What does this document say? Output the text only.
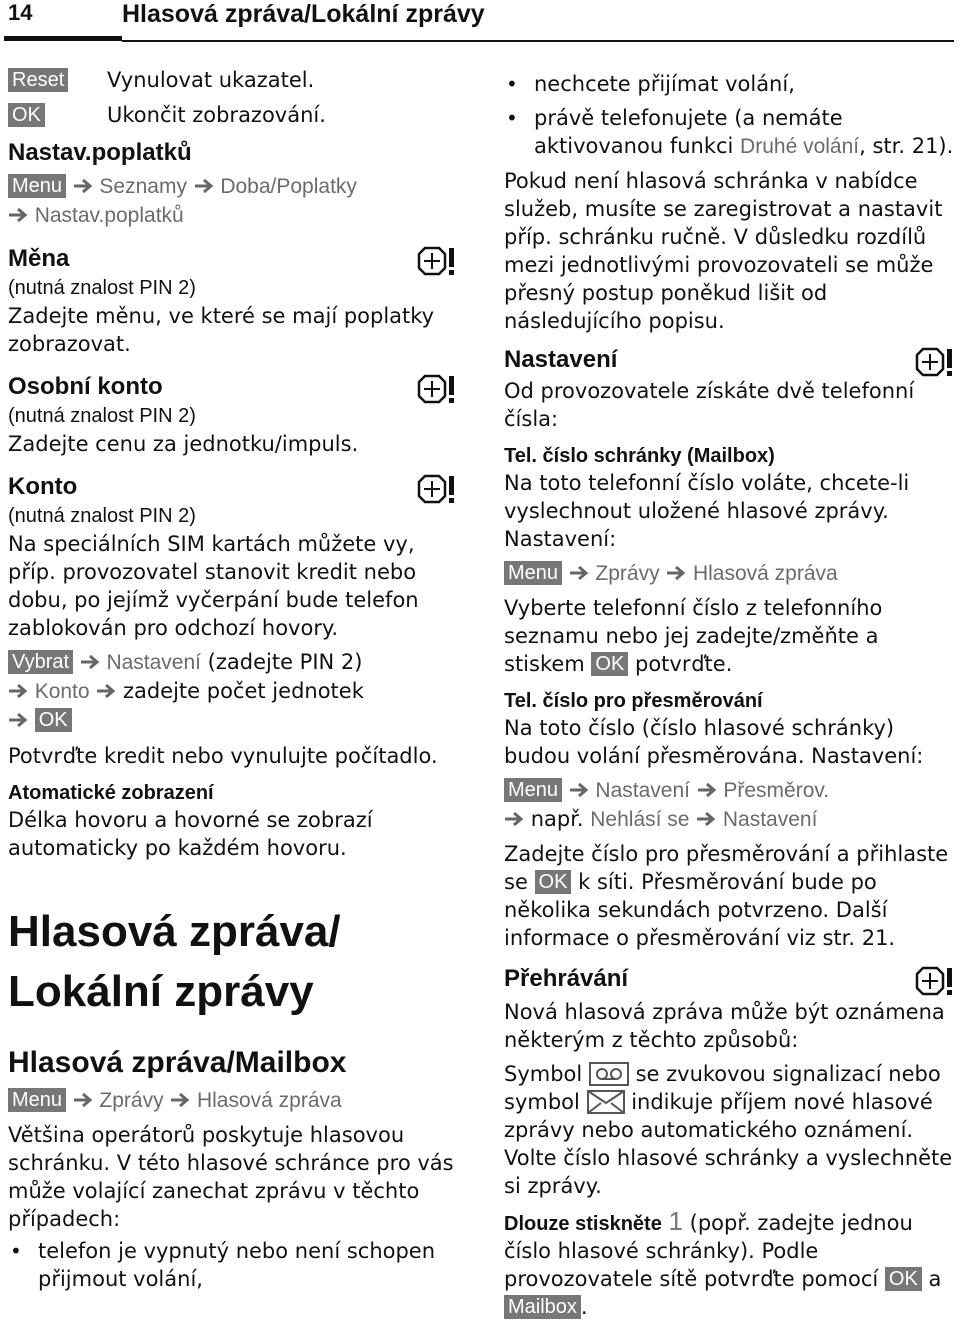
14	Hlasová zpráva/Lokální zprávy
Reset	Vynulovat ukazatel.

OK	Ukončit zobrazování.

Nastav.poplatků

Menu Seznamy Doba/Poplatky
Nastav.poplatků

Měna

(nutná znalost PIN 2)

Zadejte měnu, ve které se mají poplatky zobrazovat.

Osobní konto

(nutná znalost PIN 2)

Zadejte cenu za jednotku/impuls.

Konto

(nutná znalost PIN 2)

Na speciálních SIM kartách můžete vy, příp. provozovatel stanovit kredit nebo dobu, po jejímž vyčerpání bude telefon zablokován pro odchozí hovory.

Vybrat Nastavení (zadejte PIN 2)
Konto  zadejte počet jednotek
OK

Potvrďte kredit nebo vynulujte počítadlo.

Atomatické zobrazení

Délka hovoru a hovorné se zobrazí automaticky po každém hovoru.

Hlasová zpráva/
Lokální zprávy
Hlasová zpráva/Mailbox

Menu Zprávy Hlasová zpráva

Většina operátorů poskytuje hlasovou schránku. V této hlasové schránce pro vás může volající zanechat zprávu v těchto případech:

• telefon je vypnutý nebo není schopen přijmout volání,
• nechcete přijímat volání,
• právě telefonujete (a nemáte aktivovanou funkci Druhé volání, str. 21).

Pokud není hlasová schránka v nabídce služeb, musíte se zaregistrovat a nastavit příp. schránku ručně. V důsledku rozdílů mezi jednotlivými provozovateli se může přesný postup poněkud lišit od následujícího popisu.

Nastavení

Od provozovatele získáte dvě telefonní čísla:

Tel. číslo schránky (Mailbox)

Na toto telefonní číslo voláte, chcete-li vyslechnout uložené hlasové zprávy. Nastavení:

Menu Zprávy Hlasová zpráva

Vyberte telefonní číslo z telefonního seznamu nebo jej zadejte/změňte a stiskem OK potvrďte.

Tel. číslo pro přesměrování

Na toto číslo (číslo hlasové schránky) budou volání přesměrována. Nastavení:

Menu Nastavení Přesměrov.
např. Nehlásí se Nastavení

Zadejte číslo pro přesměrování a přihlaste se OK k síti. Přesměrování bude po několika sekundách potvrzeno. Další informace o přesměrování viz str. 21.

Přehrávání

Nová hlasová zpráva může být oznámena některým z těchto způsobů:

Symbol  se zvukovou signalizací nebo symbol  indikuje příjem nové hlasové zprávy nebo automatického oznámení. Volte číslo hlasové schránky a vyslechněte si zprávy.

Dlouze stiskněte 1 (popř. zadejte jednou číslo hlasové schránky). Podle provozovatele sítě potvrďte pomocí OK a Mailbox .
